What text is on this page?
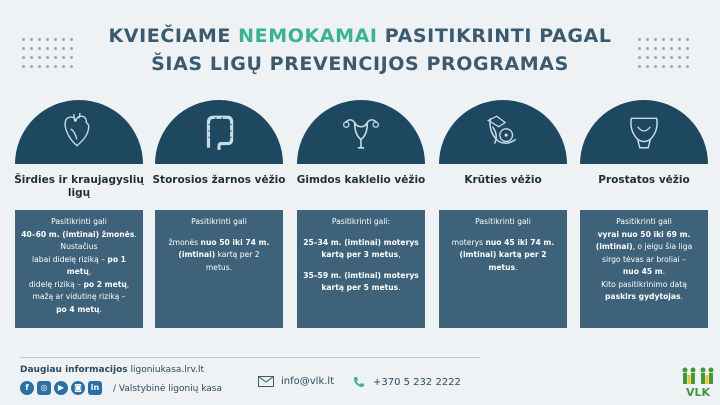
KVIEČIAME NEMOKAMAI PASITIKRINTI PAGAL
ŠIAS LIGŲ PREVENCIJOS PROGRAMAS
Širdies ir kraujagyslių ligų
Pasitikrinti gali
40–60 m. (imtinai) žmonės.
Nustačius
labai didelę riziką – po 1 metų,
didelę riziką – po 2 metų,
mažą ar vidutinę riziką –
po 4 metų.
Storosios žarnos vėžio
Pasitikrinti gali
žmonės nuo 50 iki 74 m.
(imtinai) kartą per 2
metus.
Gimdos kaklelio vėžio
Pasitikrinti gali:
25–34 m. (imtinai) moterys
kartą per 3 metus,
35–59 m. (imtinai) moterys
kartą per 5 metus.
Krūties vėžio
Pasitikrinti gali
moterys nuo 45 iki 74 m.
(imtinai) kartą per 2 metus.
Prostatos vėžio
Pasitikrinti gali
vyrai nuo 50 iki 69 m.
(imtinai), o jeigu šia liga
sirgo tėvas ar broliai –
nuo 45 m.
Kito pasitikrinimo datą
paskirs gydytojas.
Daugiau informacijos ligoniukasa.lrv.lt
f	◎	▶	◙	in	/ Valstybinė ligonių kasa
info@vlk.lt	+370 5 232 2222
VLK
